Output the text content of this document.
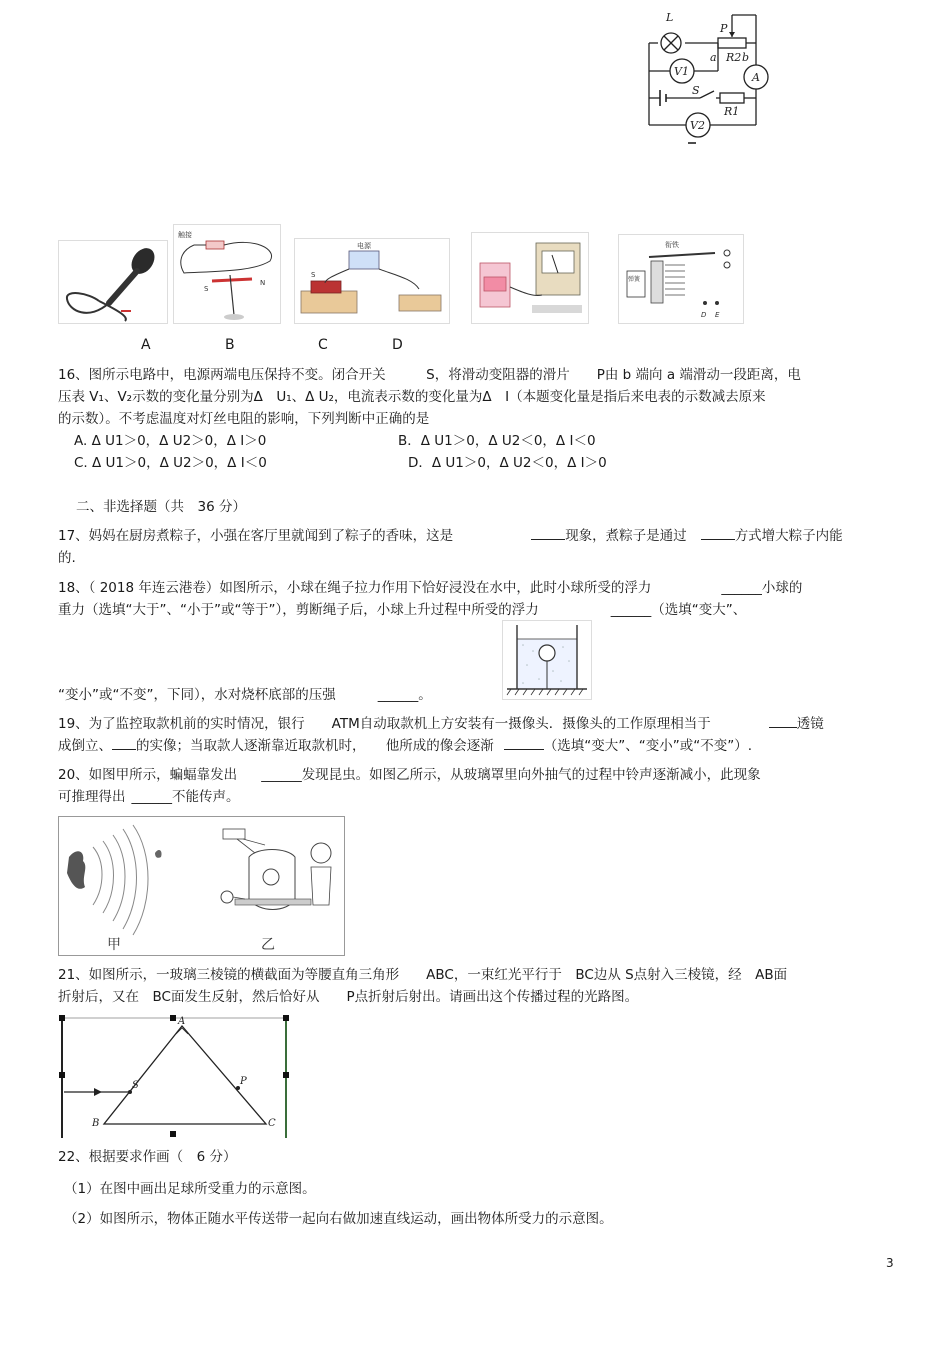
L
P
a R2 b
A
V1
S
R1
V2
触接
S
N
电源
S
衔铁
弹簧
D E
A	B	C	D
16、图所示电路中，电源两端电压保持不变。闭合开关　　　S，将滑动变阻器的滑片　　P由 b 端向 a 端滑动一段距离，电
压表 V₁、V₂示数的变化量分别为Δ　U₁、Δ U₂，电流表示数的变化量为Δ　I（本题变化量是指后来电表的示数减去原来
的示数）。不考虑温度对灯丝电阻的影响，下列判断中正确的是
A. Δ U1＞0，Δ U2＞0，Δ I＞0	B．Δ U1＞0，Δ U2＜0，Δ I＜0
C. Δ U1＞0，Δ U2＞0，Δ I＜0	D．Δ U1＞0，Δ U2＜0，Δ I＞0
二、非选择题（共　36 分）
17、妈妈在厨房煮粽子，小强在客厅里就闻到了粽子的香味，这是	现象，煮粽子是通过	方式增大粽子内能
的.
18、（ 2018 年连云港卷）如图所示，小球在绳子拉力作用下恰好浸没在水中，此时小球所受的浮力	______小球的
重力（选填“大于”、“小于”或“等于”），剪断绳子后，小球上升过程中所受的浮力	______（选填“变大”、
“变小”或“不变”，下同），水对烧杯底部的压强	______。
19、为了监控取款机前的实时情况，银行　　ATM自动取款机上方安装有一摄像头．摄像头的工作原理相当于	透镜
成倒立、 的实像；当取款人逐渐靠近取款机时，　　他所成的像会逐渐	（选填“变大”、“变小”或“不变”）.
20、如图甲所示，蝙蝠靠发出 ______发现昆虫。如图乙所示，从玻璃罩里向外抽气的过程中铃声逐渐减小，此现象
可推理得出 ______不能传声。
甲	乙
21、如图所示，一玻璃三棱镜的横截面为等腰直角三角形　　ABC，一束红光平行于　BC边从 S点射入三棱镜，经　AB面
折射后，又在　BC面发生反射，然后恰好从　　P点折射后射出。请画出这个传播过程的光路图。
A
B	C
S	P
22、根据要求作画（　6 分）
（1）在图中画出足球所受重力的示意图。
（2）如图所示，物体正随水平传送带一起向右做加速直线运动，画出物体所受力的示意图。
3
